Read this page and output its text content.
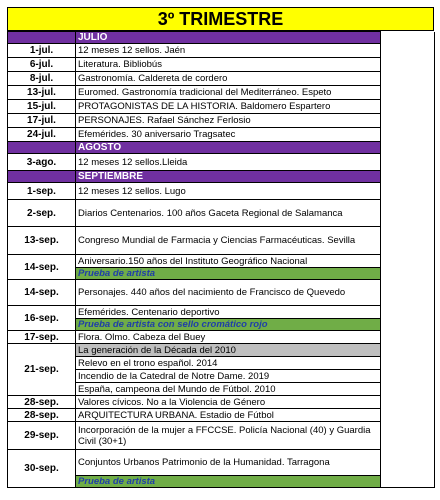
3º TRIMESTRE
	JULIO	
1-jul.	12 meses 12 sellos. Jaén	
6-jul.	Literatura. Bibliobús	
8-jul.	Gastronomía. Caldereta de cordero	
13-jul.	Euromed. Gastronomía tradicional del Mediterráneo. Espeto	
15-jul.	PROTAGONISTAS DE LA HISTORIA. Baldomero Espartero	
17-jul.	PERSONAJES. Rafael Sánchez Ferlosio	
24-jul.	Efemérides. 30 aniversario Tragsatec	
	AGOSTO	
3-ago.	12 meses 12 sellos.Lleida	
	SEPTIEMBRE	
1-sep.	12 meses 12 sellos. Lugo	
2-sep.	Diarios Centenarios. 100 años Gaceta Regional de Salamanca	
13-sep.	Congreso Mundial de Farmacia y Ciencias Farmacéuticas. Sevilla	
14-sep.	Aniversario.150 años del Instituto Geográfico Nacional	
	Prueba de artista	
14-sep.	Personajes. 440 años del nacimiento de Francisco de Quevedo	
16-sep.	Efemérides. Centenario deportivo	
	Prueba de artista con sello cromático rojo	
17-sep.	Flora. Olmo. Cabeza del Buey	
21-sep.	La generación de la Década del 2010	
	Relevo en el trono español. 2014	
	Incendio de la Catedral de Notre Dame. 2019	
	España, campeona del Mundo de Fútbol. 2010	
28-sep.	Valores cívicos. No a la Violencia de Género	
28-sep.	ARQUITECTURA URBANA. Estadio de Fútbol	
29-sep.	Incorporación de la mujer a FFCCSE. Policía Nacional (40) y Guardia Civil (30+1)	
30-sep.	Conjuntos Urbanos Patrimonio de la Humanidad. Tarragona	
	Prueba de artista	
